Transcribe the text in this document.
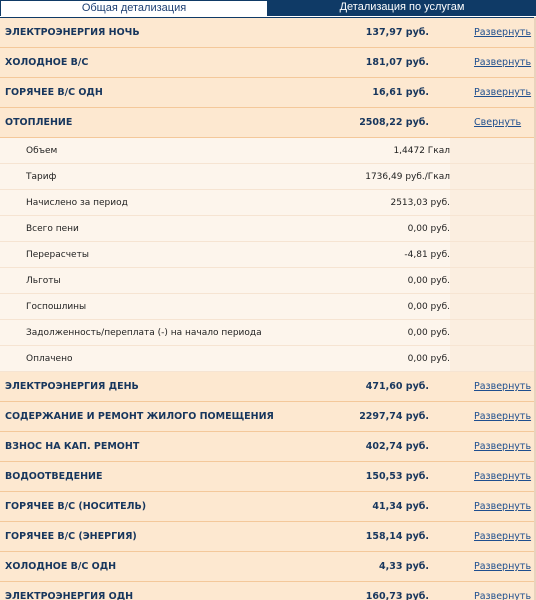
Общая детализация	Детализация по услугам
ЭЛЕКТРОЭНЕРГИЯ НОЧЬ	137,97 руб.	Развернуть
ХОЛОДНОЕ В/С	181,07 руб.	Развернуть
ГОРЯЧЕЕ В/С ОДН	16,61 руб.	Развернуть
ОТОПЛЕНИЕ	2508,22 руб.	Свернуть
Объем	1,4472 Гкал
Тариф	1736,49 руб./Гкал
Начислено за период	2513,03 руб.
Всего пени	0,00 руб.
Перерасчеты	-4,81 руб.
Льготы	0,00 руб.
Госпошлины	0,00 руб.
Задолженность/переплата (-) на начало периода	0,00 руб.
Оплачено	0,00 руб.
ЭЛЕКТРОЭНЕРГИЯ ДЕНЬ	471,60 руб.	Развернуть
СОДЕРЖАНИЕ И РЕМОНТ ЖИЛОГО ПОМЕЩЕНИЯ	2297,74 руб.	Развернуть
ВЗНОС НА КАП. РЕМОНТ	402,74 руб.	Развернуть
ВОДООТВЕДЕНИЕ	150,53 руб.	Развернуть
ГОРЯЧЕЕ В/С (НОСИТЕЛЬ)	41,34 руб.	Развернуть
ГОРЯЧЕЕ В/С (ЭНЕРГИЯ)	158,14 руб.	Развернуть
ХОЛОДНОЕ В/С ОДН	4,33 руб.	Развернуть
ЭЛЕКТРОЭНЕРГИЯ ОДН	160,73 руб.	Развернуть
